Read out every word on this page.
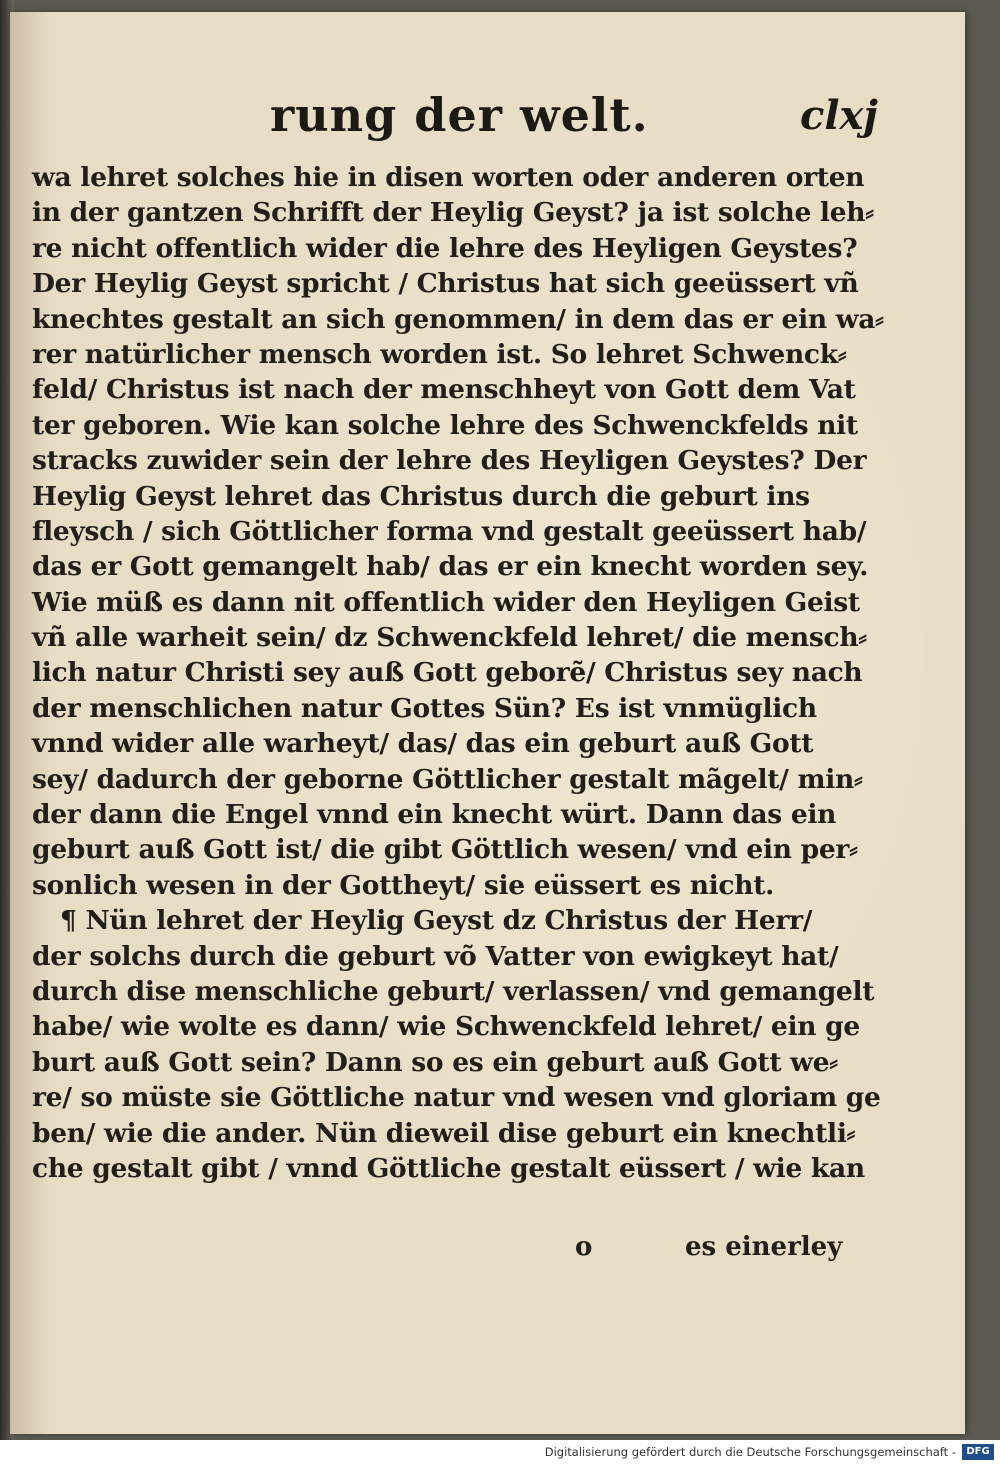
rung der welt.	clxj
wa lehret solches hie in disen worten oder anderen orten
in der gantzen Schrifft der Heylig Geyst? ja ist solche leh⸗
re nicht offentlich wider die lehre des Heyligen Geystes?
Der Heylig Geyst spricht / Christus hat sich geeüssert vñ
knechtes gestalt an sich genommen/ in dem das er ein wa⸗
rer natürlicher mensch worden ist. So lehret Schwenck⸗
feld/ Christus ist nach der menschheyt von Gott dem Vat
ter geboren. Wie kan solche lehre des Schwenckfelds nit
stracks zuwider sein der lehre des Heyligen Geystes? Der
Heylig Geyst lehret das Christus durch die geburt ins
fleysch / sich Göttlicher forma vnd gestalt geeüssert hab/
das er Gott gemangelt hab/ das er ein knecht worden sey.
Wie müß es dann nit offentlich wider den Heyligen Geist
vñ alle warheit sein/ dz Schwenckfeld lehret/ die mensch⸗
lich natur Christi sey auß Gott geborẽ/ Christus sey nach
der menschlichen natur Gottes Sün? Es ist vnmüglich
vnnd wider alle warheyt/ das/ das ein geburt auß Gott
sey/ dadurch der geborne Göttlicher gestalt mãgelt/ min⸗
der dann die Engel vnnd ein knecht würt. Dann das ein
geburt auß Gott ist/ die gibt Göttlich wesen/ vnd ein per⸗
sonlich wesen in der Gottheyt/ sie eüssert es nicht.
¶ Nün lehret der Heylig Geyst dz Christus der Herr/
der solchs durch die geburt võ Vatter von ewigkeyt hat/
durch dise menschliche geburt/ verlassen/ vnd gemangelt
habe/ wie wolte es dann/ wie Schwenckfeld lehret/ ein ge
burt auß Gott sein? Dann so es ein geburt auß Gott we⸗
re/ so müste sie Göttliche natur vnd wesen vnd gloriam ge
ben/ wie die ander. Nün dieweil dise geburt ein knechtli⸗
che gestalt gibt / vnnd Göttliche gestalt eüssert / wie kan
o	es einerley
Digitalisierung gefördert durch die Deutsche Forschungsgemeinschaft -	DFG
